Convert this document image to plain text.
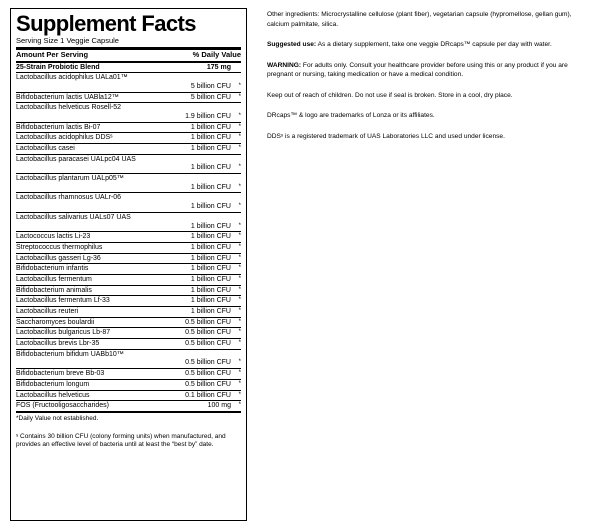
Supplement Facts
Serving Size 1 Veggie Capsule
Amount Per Serving	% Daily Value
25-Strain Probiotic Blend	175 mg	
Lactobacillus acidophilus UALa01™		
	5 billion CFU	*
Bifidobacterium lactis UABla12™	5 billion CFU	*
Lactobacillus helveticus Rosell-52		
	1.9 billion CFU	*
Bifidobacterium lactis Bi-07	1 billion CFU	*
Lactobacillus acidophilus DDSˢ	1 billion CFU	*
Lactobacillus casei	1 billion CFU	*
Lactobacillus paracasei UALpc04 UAS		
	1 billion CFU	*
Lactobacillus plantarum UALp05™		
	1 billion CFU	*
Lactobacillus rhamnosus UALr-06		
	1 billion CFU	*
Lactobacillus salivarius UALs07 UAS		
	1 billion CFU	*
Lactococcus lactis Li-23	1 billion CFU	*
Streptococcus thermophilus	1 billion CFU	*
Lactobacillus gasseri Lg-36	1 billion CFU	*
Bifidobacterium infantis	1 billion CFU	*
Lactobacillus fermentum	1 billion CFU	*
Bifidobacterium animalis	1 billion CFU	*
Lactobacillus fermentum Lf-33	1 billion CFU	*
Lactobacillus reuteri	1 billion CFU	*
Saccharomyces boulardii	0.5 billion CFU	*
Lactobacillus bulgaricus Lb-87	0.5 billion CFU	*
Lactobacillus brevis Lbr-35	0.5 billion CFU	*
Bifidobacterium bifidum UABb10™		
	0.5 billion CFU	*
Bifidobacterium breve Bb-03	0.5 billion CFU	*
Bifidobacterium longum	0.5 billion CFU	*
Lactobacillus helveticus	0.1 billion CFU	*
FOS (Fructooligosaccharides)	100 mg	*
*Daily Value not established.
ˢ Contains 30 billion CFU (colony forming units) when manufactured, and provides an effective level of bacteria until at least the “best by” date.

Other ingredients: Microcrystalline cellulose (plant fiber), vegetarian capsule (hypromellose, gellan gum), calcium palmitate, silica.

Suggested use: As a dietary supplement, take one veggie DRcaps™ capsule per day with water.

WARNING: For adults only. Consult your healthcare provider before using this or any product if you are pregnant or nursing, taking medication or have a medical condition.

Keep out of reach of children. Do not use if seal is broken. Store in a cool, dry place.

DRcaps™ & logo are trademarks of Lonza or its affiliates.

DDSˢ is a registered trademark of UAS Laboratories LLC and used under license.
